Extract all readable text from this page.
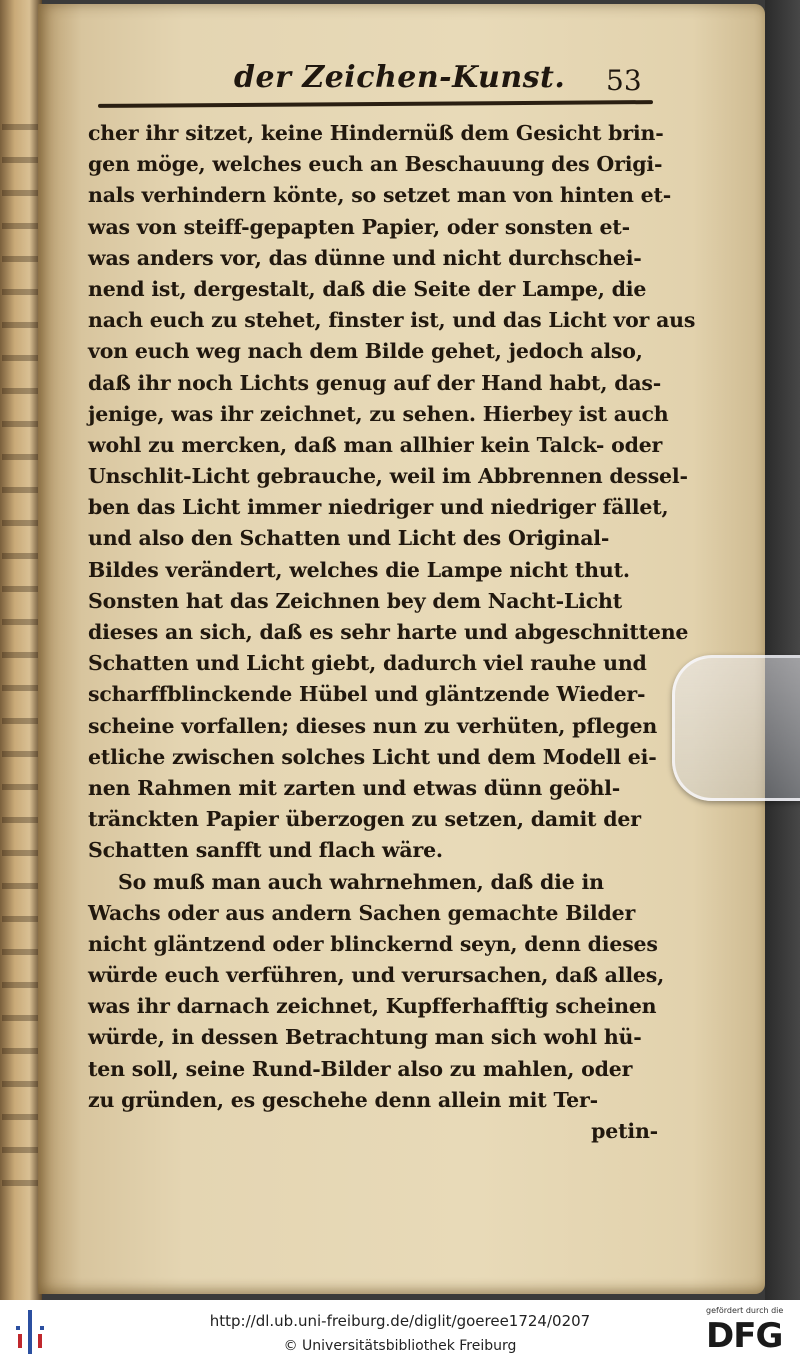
der Zeichen-Kunst. 53
cher ihr sitzet, keine Hindernüß dem Gesicht brin-
gen möge, welches euch an Beschauung des Origi-
nals verhindern könte, so setzet man von hinten et-
was von steiff-gepapten Papier, oder sonsten et-
was anders vor, das dünne und nicht durchschei-
nend ist, dergestalt, daß die Seite der Lampe, die
nach euch zu stehet, finster ist, und das Licht vor aus
von euch weg nach dem Bilde gehet, jedoch also,
daß ihr noch Lichts genug auf der Hand habt, das-
jenige, was ihr zeichnet, zu sehen. Hierbey ist auch
wohl zu mercken, daß man allhier kein Talck- oder
Unschlit-Licht gebrauche, weil im Abbrennen dessel-
ben das Licht immer niedriger und niedriger fället,
und also den Schatten und Licht des Original-
Bildes verändert, welches die Lampe nicht thut.
Sonsten hat das Zeichnen bey dem Nacht-Licht
dieses an sich, daß es sehr harte und abgeschnittene
Schatten und Licht giebt, dadurch viel rauhe und
scharffblinckende Hübel und gläntzende Wieder-
scheine vorfallen; dieses nun zu verhüten, pflegen
etliche zwischen solches Licht und dem Modell ei-
nen Rahmen mit zarten und etwas dünn geöhl-
tränckten Papier überzogen zu setzen, damit der
Schatten sanfft und flach wäre.
So muß man auch wahrnehmen, daß die in
Wachs oder aus andern Sachen gemachte Bilder
nicht gläntzend oder blinckernd seyn, denn dieses
würde euch verführen, und verursachen, daß alles,
was ihr darnach zeichnet, Kupfferhafftig scheinen
würde, in dessen Betrachtung man sich wohl hü-
ten soll, seine Rund-Bilder also zu mahlen, oder
zu gründen, es geschehe denn allein mit Ter-
petin-
http://dl.ub.uni-freiburg.de/diglit/goeree1724/0207
© Universitätsbibliothek Freiburg
gefördert durch die
DFG
